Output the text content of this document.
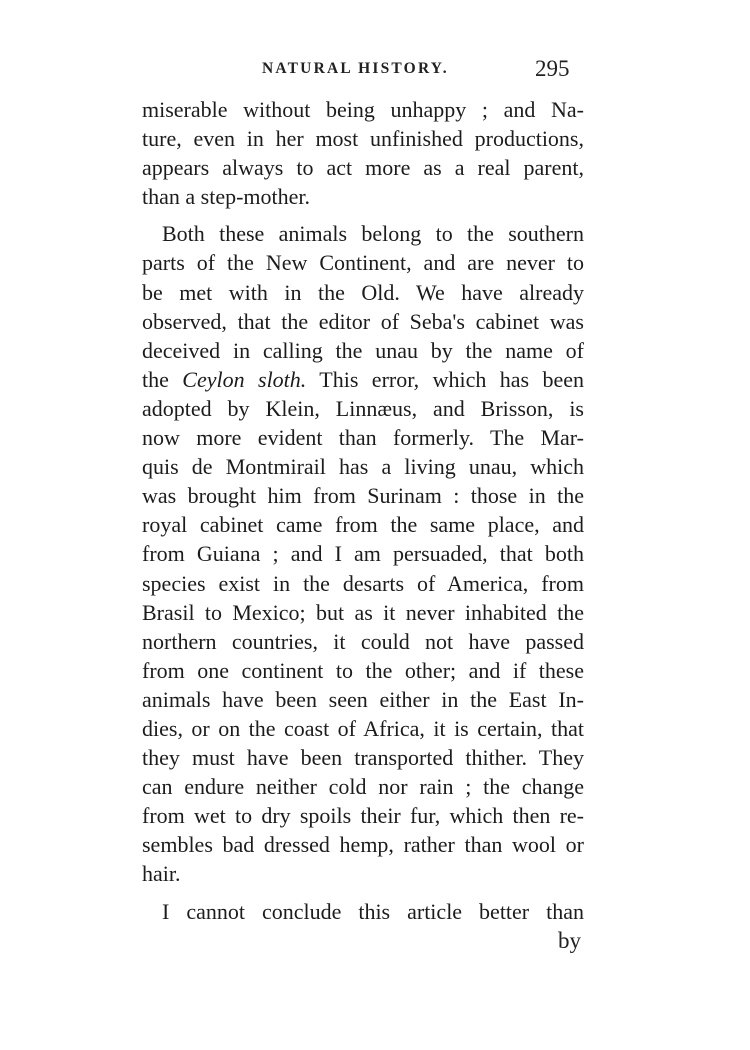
NATURAL HISTORY.	295
miserable without being unhappy ; and Na-
ture, even in her most unfinished productions,
appears always to act more as a real parent,
than a step-mother.
Both these animals belong to the southern
parts of the New Continent, and are never to
be met with in the Old. We have already
observed, that the editor of Seba's cabinet was
deceived in calling the unau by the name of
the Ceylon sloth. This error, which has been
adopted by Klein, Linnæus, and Brisson, is
now more evident than formerly. The Mar-
quis de Montmirail has a living unau, which
was brought him from Surinam : those in the
royal cabinet came from the same place, and
from Guiana ; and I am persuaded, that both
species exist in the desarts of America, from
Brasil to Mexico; but as it never inhabited the
northern countries, it could not have passed
from one continent to the other; and if these
animals have been seen either in the East In-
dies, or on the coast of Africa, it is certain, that
they must have been transported thither. They
can endure neither cold nor rain ; the change
from wet to dry spoils their fur, which then re-
sembles bad dressed hemp, rather than wool or
hair.
I cannot conclude this article better than
by
